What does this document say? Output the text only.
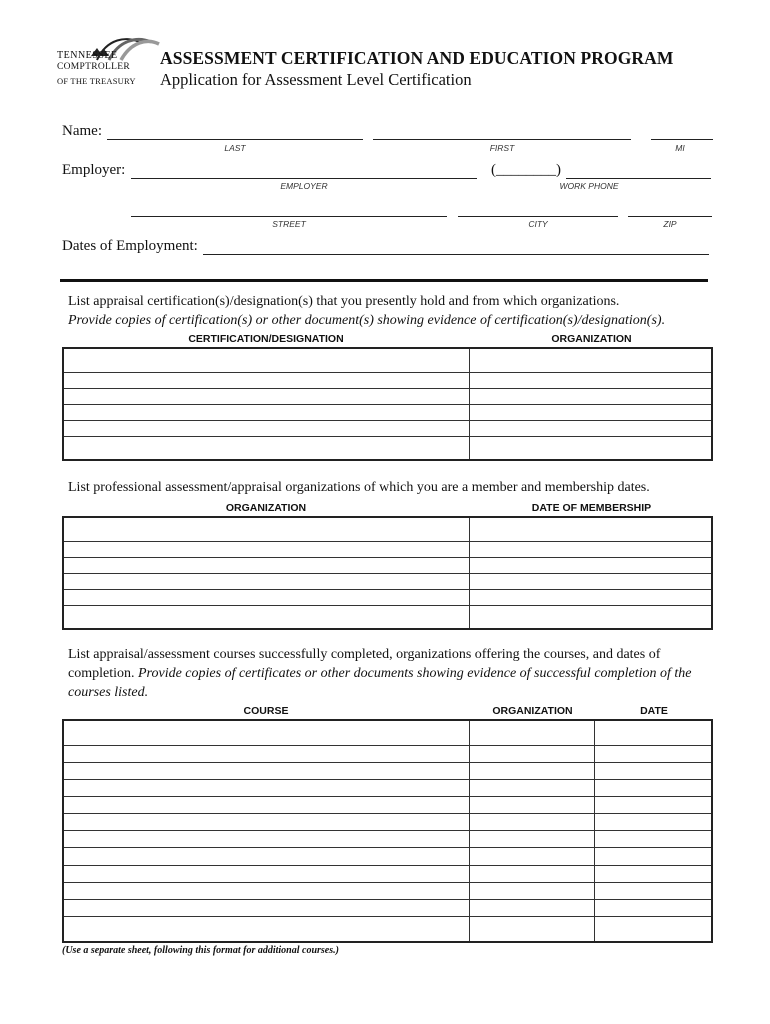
TENNESSEE
COMPTROLLER
OF THE TREASURY
ASSESSMENT CERTIFICATION AND EDUCATION PROGRAM
Application for Assessment Level Certification
Name:
LAST	FIRST	MI
Employer:	(________)
EMPLOYER	WORK PHONE
STREET	CITY	ZIP
Dates of Employment:
List appraisal certification(s)/designation(s) that you presently hold and from which organizations.
Provide copies of certification(s) or other document(s) showing evidence of certification(s)/designation(s).
CERTIFICATION/DESIGNATION	ORGANIZATION

List professional assessment/appraisal organizations of which you are a member and membership dates.
ORGANIZATION	DATE OF MEMBERSHIP

List appraisal/assessment courses successfully completed, organizations offering the courses, and dates of completion. Provide copies of certificates or other documents showing evidence of successful completion of the courses listed.
COURSE	ORGANIZATION	DATE

(Use a separate sheet, following this format for additional courses.)
